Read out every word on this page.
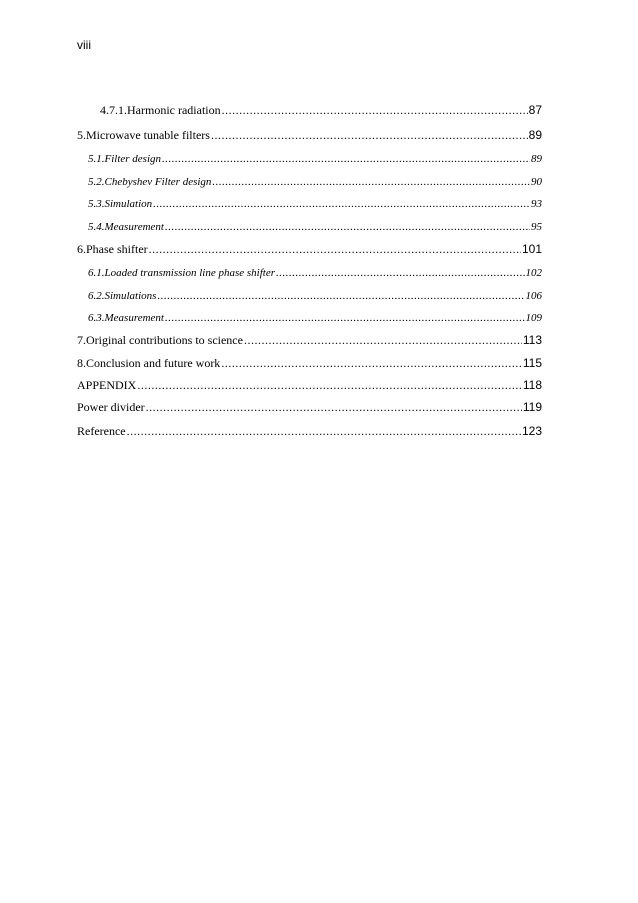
viii
4.7.1. Harmonic radiation .....	87
5. Microwave tunable filters .....	89
5.1. Filter design .....	89
5.2. Chebyshev Filter design .....	90
5.3. Simulation .....	93
5.4. Measurement .....	95
6. Phase shifter .....	101
6.1. Loaded transmission line phase shifter .....	102
6.2. Simulations .....	106
6.3. Measurement .....	109
7. Original contributions to science .....	113
8. Conclusion and future work .....	115
APPENDIX .....	118
Power divider .....	119
Reference .....	123
